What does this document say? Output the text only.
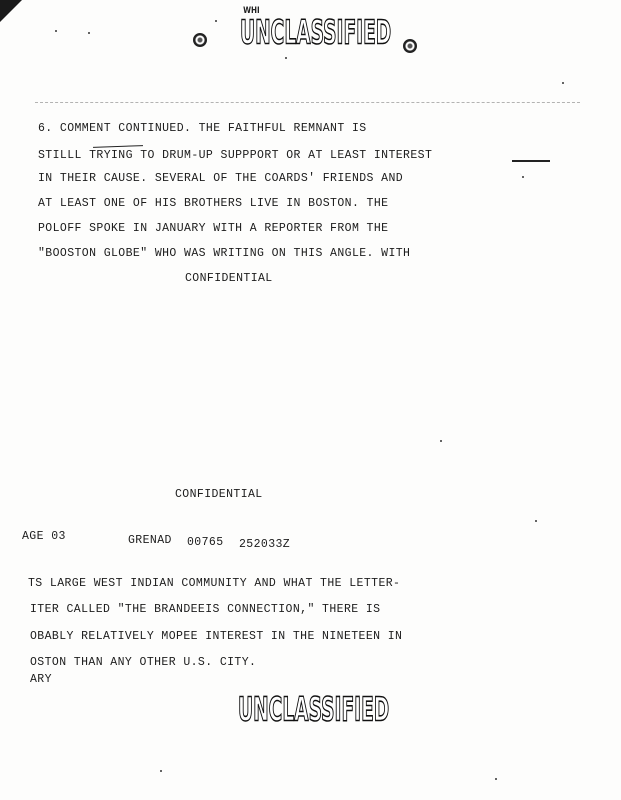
WHI
UNCLASSIFIED
6. COMMENT CONTINUED. THE FAITHFUL REMNANT IS
STILLL TRYING TO DRUM-UP SUPPPORT OR AT LEAST INTEREST
IN THEIR CAUSE. SEVERAL OF THE COARDS' FRIENDS AND
AT LEAST ONE OF HIS BROTHERS LIVE IN BOSTON. THE
POLOFF SPOKE IN JANUARY WITH A REPORTER FROM THE
"BOOSTON GLOBE" WHO WAS WRITING ON THIS ANGLE. WITH
CONFIDENTIAL
CONFIDENTIAL
AGE 03	GRENAD 00765 252033Z
TS LARGE WEST INDIAN COMMUNITY AND WHAT THE LETTER-
ITER CALLED "THE BRANDEEIS CONNECTION," THERE IS
OBABLY RELATIVELY MOPEE INTEREST IN THE NINETEEN IN
OSTON THAN ANY OTHER U.S. CITY.
ARY
UNCLASSIFIED
